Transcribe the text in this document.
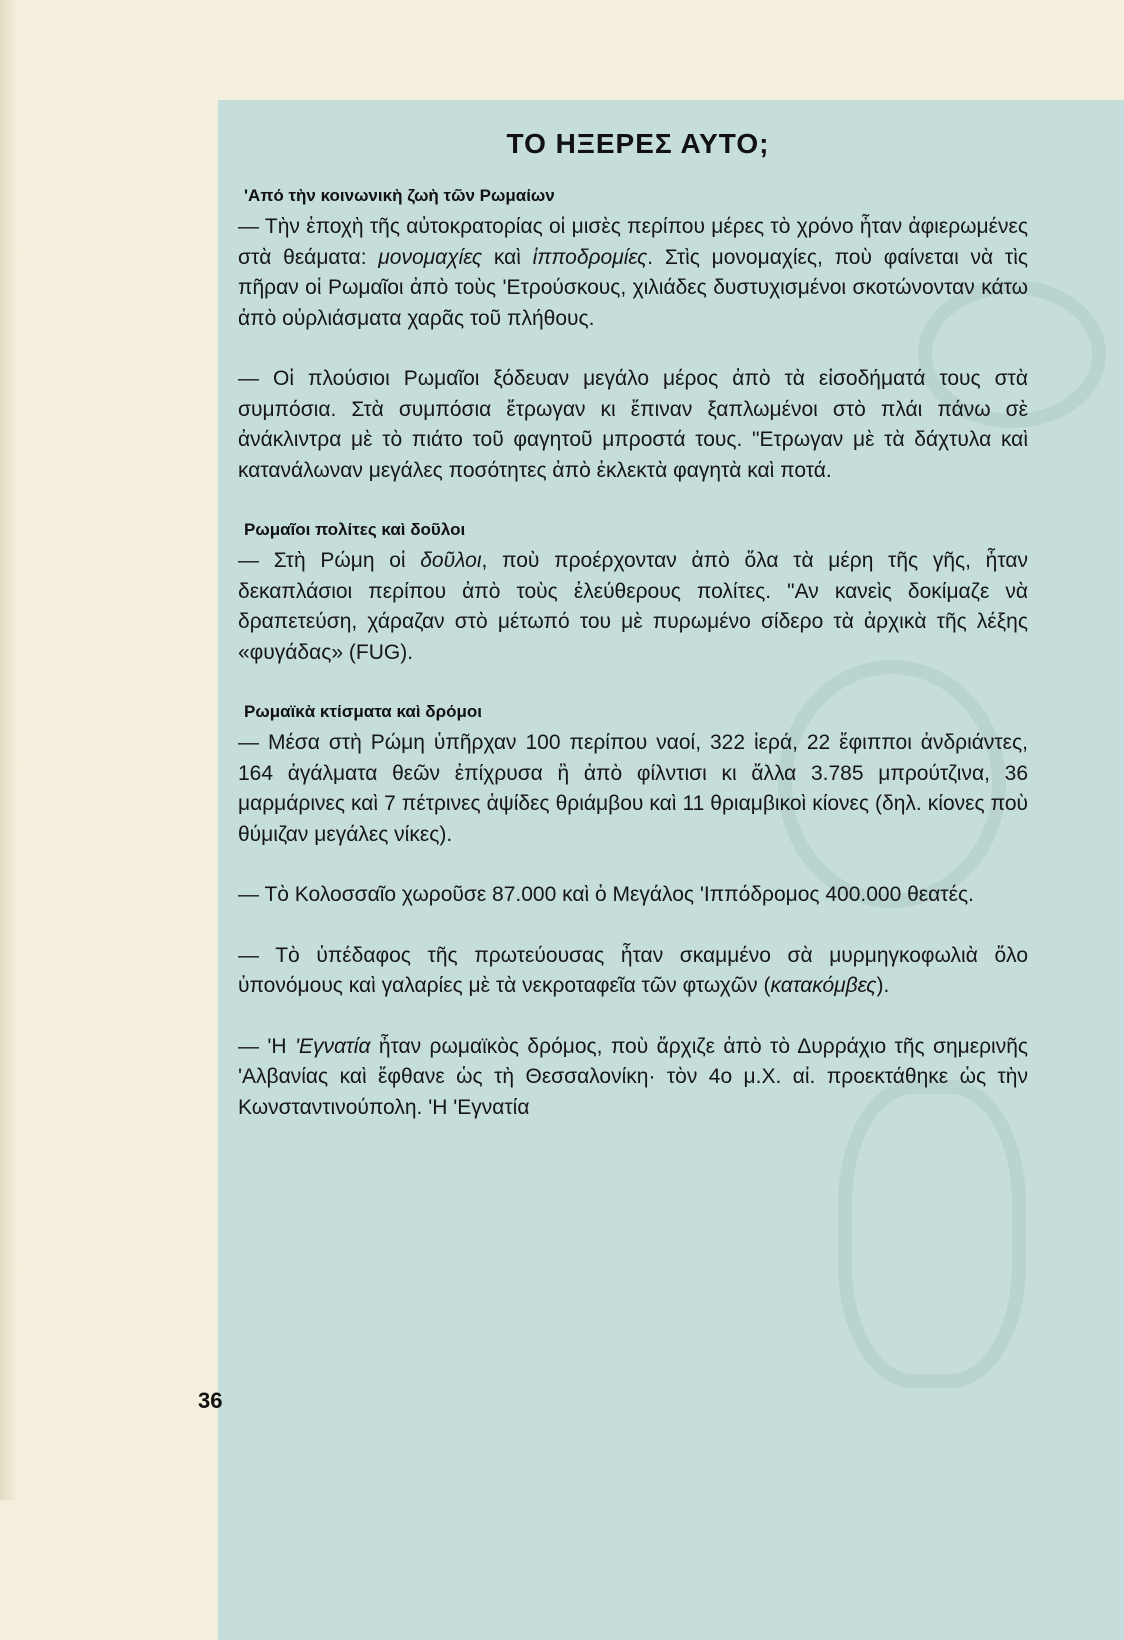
ΤΟ ΗΞΕΡΕΣ ΑΥΤΟ;
'Από τὴν κοινωνικὴ ζωὴ τῶν Ρωμαίων

— Τὴν ἐποχὴ τῆς αὐτοκρατορίας οἱ μισὲς περίπου μέρες τὸ χρόνο ἦταν ἀφιερωμένες στὰ θεάματα: μονομαχίες καὶ ἱπποδρομίες. Στὶς μονομαχίες, ποὺ φαίνεται νὰ τὶς πῆραν οἱ Ρωμαῖοι ἀπὸ τοὺς 'Ετρούσκους, χιλιάδες δυστυχισμένοι σκοτώνονταν κάτω ἀπὸ οὐρλιάσματα χαρᾶς τοῦ πλήθους.

— Οἱ πλούσιοι Ρωμαῖοι ξόδευαν μεγάλο μέρος ἀπὸ τὰ εἰσοδήματά τους στὰ συμπόσια. Στὰ συμπόσια ἔτρωγαν κι ἔπιναν ξαπλωμένοι στὸ πλάι πάνω σὲ ἀνάκλιντρα μὲ τὸ πιάτο τοῦ φαγητοῦ μπροστά τους. "Ετρωγαν μὲ τὰ δάχτυλα καὶ κατανάλωναν μεγάλες ποσότητες ἀπὸ ἐκλεκτὰ φαγητὰ καὶ ποτά.

Ρωμαῖοι πολίτες καὶ δοῦλοι

— Στὴ Ρώμη οἱ δοῦλοι, ποὺ προέρχονταν ἀπὸ ὅλα τὰ μέρη τῆς γῆς, ἦταν δεκαπλάσιοι περίπου ἀπὸ τοὺς ἐλεύθερους πολίτες. "Αν κανεὶς δοκίμαζε νὰ δραπετεύση, χάραζαν στὸ μέτωπό του μὲ πυρωμένο σίδερο τὰ ἀρχικὰ τῆς λέξης «φυγάδας» (FUG).

Ρωμαϊκὰ κτίσματα καὶ δρόμοι

— Μέσα στὴ Ρώμη ὑπῆρχαν 100 περίπου ναοί, 322 ἱερά, 22 ἔφιπποι ἀνδριάντες, 164 ἀγάλματα θεῶν ἐπίχρυσα ἢ ἀπὸ φίλντισι κι ἄλλα 3.785 μπρούτζινα, 36 μαρμάρινες καὶ 7 πέτρινες ἁψίδες θριάμβου καὶ 11 θριαμβικοὶ κίονες (δηλ. κίονες ποὺ θύμιζαν μεγάλες νίκες).

— Τὸ Κολοσσαῖο χωροῦσε 87.000 καὶ ὁ Μεγάλος 'Ιππόδρομος 400.000 θεατές.

— Τὸ ὑπέδαφος τῆς πρωτεύουσας ἦταν σκαμμένο σὰ μυρμηγκοφωλιὰ ὅλο ὑπονόμους καὶ γαλαρίες μὲ τὰ νεκροταφεῖα τῶν φτωχῶν (κατακόμβες).

— 'Η 'Εγνατία ἦταν ρωμαϊκὸς δρόμος, ποὺ ἄρχιζε ἀπὸ τὸ Δυρράχιο τῆς σημερινῆς 'Αλβανίας καὶ ἔφθανε ὡς τὴ Θεσσαλονίκη· τὸν 4ο μ.Χ. αἰ. προεκτάθηκε ὡς τὴν Κωνσταντινούπολη. 'Η 'Εγνατία

36
